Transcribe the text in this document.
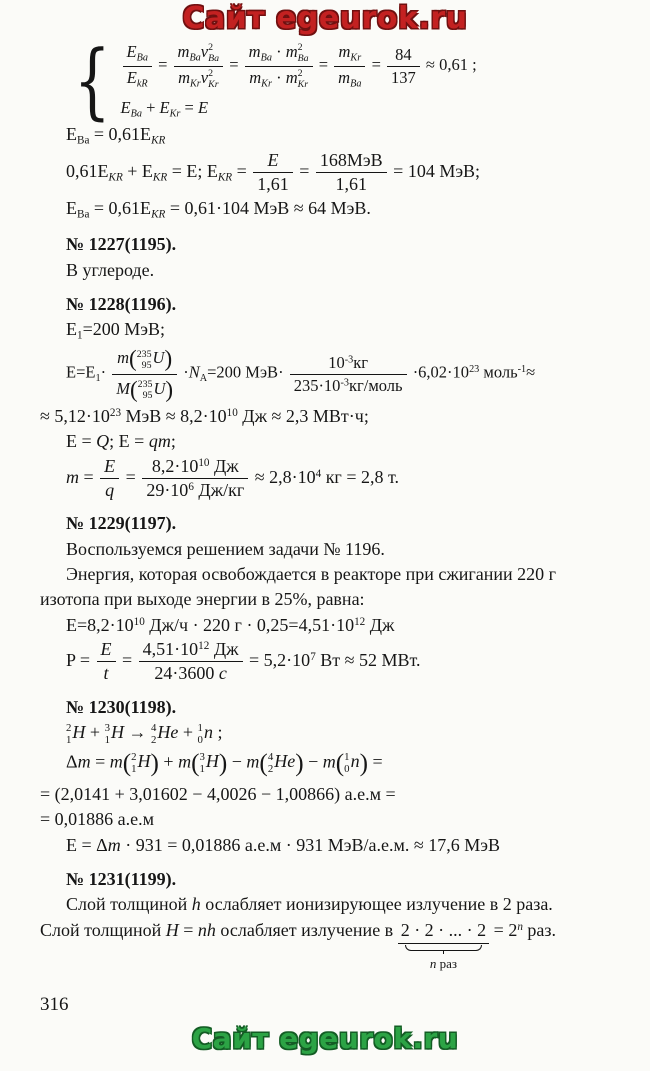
Сайт egeurok.ru
{ $\frac{\text{EBa}}{\text{EkR}}$ = mBav 2
Ba
mKrv 2
Kr = mBa · m 2
Ba
mKr · m 2
$Kr = \frac{\text{mKr}}{\text{mBa}} = \frac{84}{137} \approx 0,61$ ;
EBa + EKr = E
EВа = 0,61EKR
0,61EKR + EKR = E; EKR = $\frac{E}{1,61} = \frac{\text{168МэВ}}{1,61} = 104$ МэВ;
EВа = 0,61EKR = 0,61·104 МэВ ≈ 64 МэВ.
№ 1227(1195).
В углероде.
№ 1228(1196).
E1=200 МэВ;
E=E1· m( 235
95 U)
M( 235
95 U) ·NA=200 $МэВ\cdot \frac{10^{-3}кг}{235\cdot 10^{-3}кг/моль} \cdot 6,02\cdot 10^{23}$ моль$^{-1}$≈
≈ $5,12\cdot 10^{23}$ МэВ ≈ $8,2\cdot 10^{10}$ Дж ≈ 2,3 МВт·ч;
E = Q; E = qm;
$m = \frac{E}{q} = \frac{8,2\cdot 10^{10} Дж}{29\cdot 10^6 Дж/кг} \approx 2,8\cdot 10^4$ кг = 2,8 т.
№ 1229(1197).
Воспользуемся решением задачи № 1196.
Энергия, которая освобождается в реакторе при сжигании 220 г
изотопа при выходе энергии в 25%, равна:
$E=8,2\cdot 10^{10}$ Дж/ч · 220 $г \cdot 0,25=4,51\cdot 10^{12}$ Дж
$P = \frac{E}{t} = \frac{4,51\cdot 10^{12} Дж}{24\cdot 3600 c} = 5,2\cdot 10^7$ Вт ≈ 52 МВт.
№ 1230(1198).
2
1 H + 3
1 H → 4
2 He + 1
0 n ;
Δm = m( 2
1 H) + m( 3
1 H) − m( 4
2 He) − m( 1
0 n) =
= (2,0141 + 3,01602 − 4,0026 − 1,00866) а.е.м =
= 0,01886 а.е.м
E = Δm · 931 = 0,01886 а.е.м · 931 МэВ/а.е.м. ≈ 17,6 МэВ
№ 1231(1199).
Слой толщиной h ослабляет ионизирующее излучение в 2 раза.
Слой толщиной H = nh ослабляет излучение в 2 · 2 · ... · 2
n раз
= $2^n$ раз.
316
Сайт egeurok.ru
